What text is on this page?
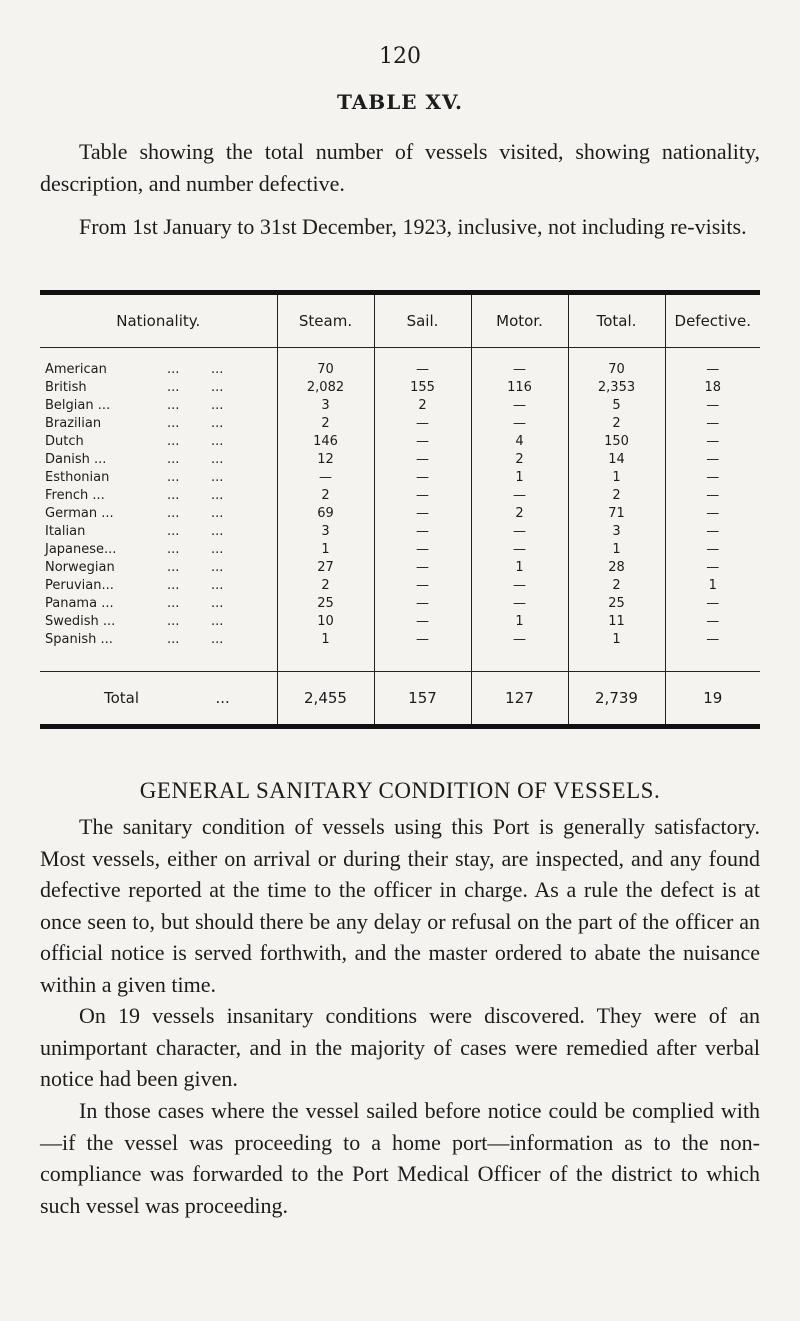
120
TABLE XV.

Table showing the total number of vessels visited, showing nationality, description, and number defective.

From 1st January to 31st December, 1923, inclusive, not including re-visits.

Nationality.	Steam.	Sail.	Motor.	Total.	Defective.

American ... ...	70	—	—	70	—
British ... ...	2,082	155	116	2,353	18
Belgian ... ... ...	3	2	—	5	—
Brazilian ... ...	2	—	—	2	—
Dutch ... ...	146	—	4	150	—
Danish ... ... ...	12	—	2	14	—
Esthonian ... ...	—	—	1	1	—
French ... ... ...	2	—	—	2	—
German ... ... ...	69	—	2	71	—
Italian ... ...	3	—	—	3	—
Japanese... ... ...	1	—	—	1	—
Norwegian ... ...	27	—	1	28	—
Peruvian... ... ...	2	—	—	2	1
Panama ... ... ...	25	—	—	25	—
Swedish ... ... ...	10	—	1	11	—
Spanish ... ... ...	1	—	—	1	—

Total ...	2,455	157	127	2,739	19
GENERAL SANITARY CONDITION OF VESSELS.

The sanitary condition of vessels using this Port is generally satisfactory. Most vessels, either on arrival or during their stay, are inspected, and any found defective reported at the time to the officer in charge. As a rule the defect is at once seen to, but should there be any delay or refusal on the part of the officer an official notice is served forthwith, and the master ordered to abate the nuisance within a given time.

On 19 vessels insanitary conditions were discovered. They were of an unimportant character, and in the majority of cases were remedied after verbal notice had been given.

In those cases where the vessel sailed before notice could be complied with—if the vessel was proceeding to a home port—information as to the non-compliance was forwarded to the Port Medical Officer of the district to which such vessel was proceeding.
